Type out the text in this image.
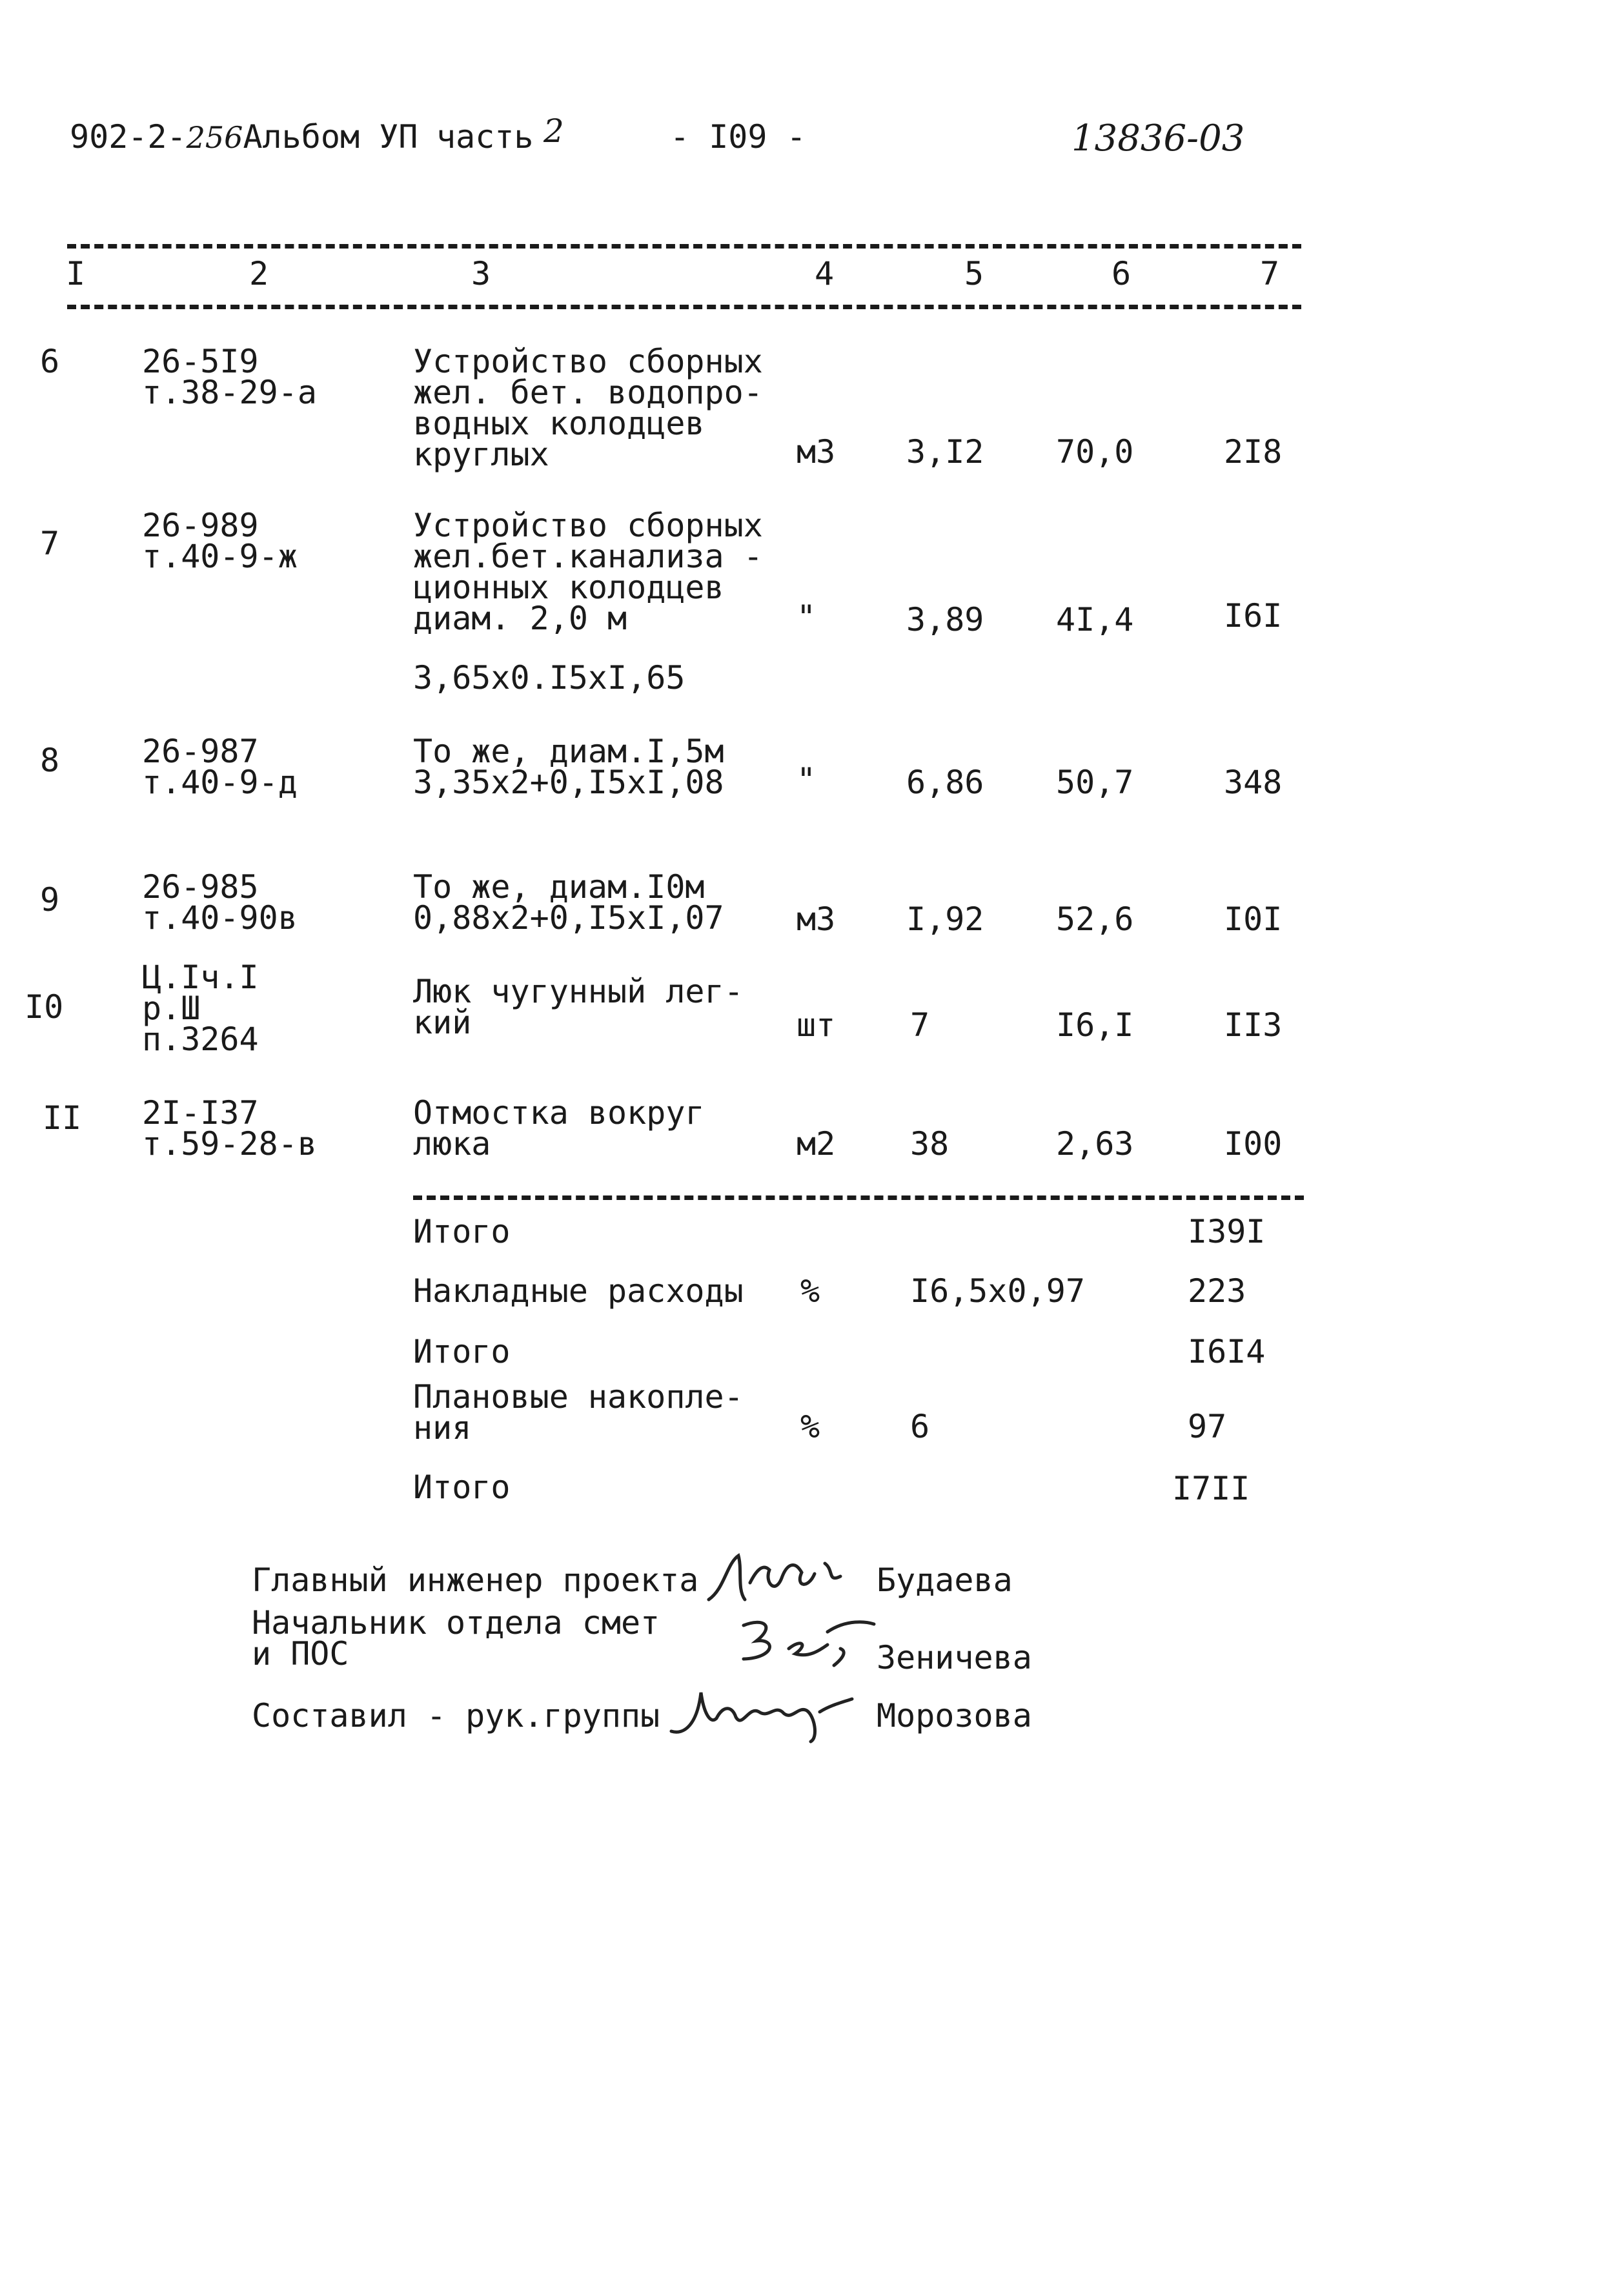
902-2-256Альбом УП часть 2	- I09 -	13836-03
I	2	3	4	5	6	7
6	26-5I9
т.38-29-а
Устройство сборных
жел. бет. водопро-
водных колодцев
круглых	м3 3,I2 70,0	2I8
7	26-989
т.40-9-ж
Устройство сборных
жел.бет.канализа -
ционных колодцев
диам. 2,0 м	"	3,89 4I,4	I6I
3,65х0.I5хI,65
8	26-987
т.40-9-д
То же, диам.I,5м
3,35х2+0,I5хI,08 "	6,86 50,7	348
9	26-985
т.40-90в
То же, диам.I0м
0,88х2+0,I5хI,07 м3 I,92 52,6	I0I
I0
Ц.Iч.I
р.Ш
п.3264
Люк чугунный лег-
кий	шт 7	I6,I	II3
II 2I-I37
т.59-28-в
Отмостка вокруг
люка	м2 38	2,63	I00
Итого	I39I
Накладные расходы %	I6,5х0,97	223
Итого	I6I4
Плановые накопле-
ния	%	6	97
Итого	I7II
Главный инженер проекта	Будаева
Начальник отдела смет
и ПОС	Зеничева
Составил - рук.группы	Морозова
